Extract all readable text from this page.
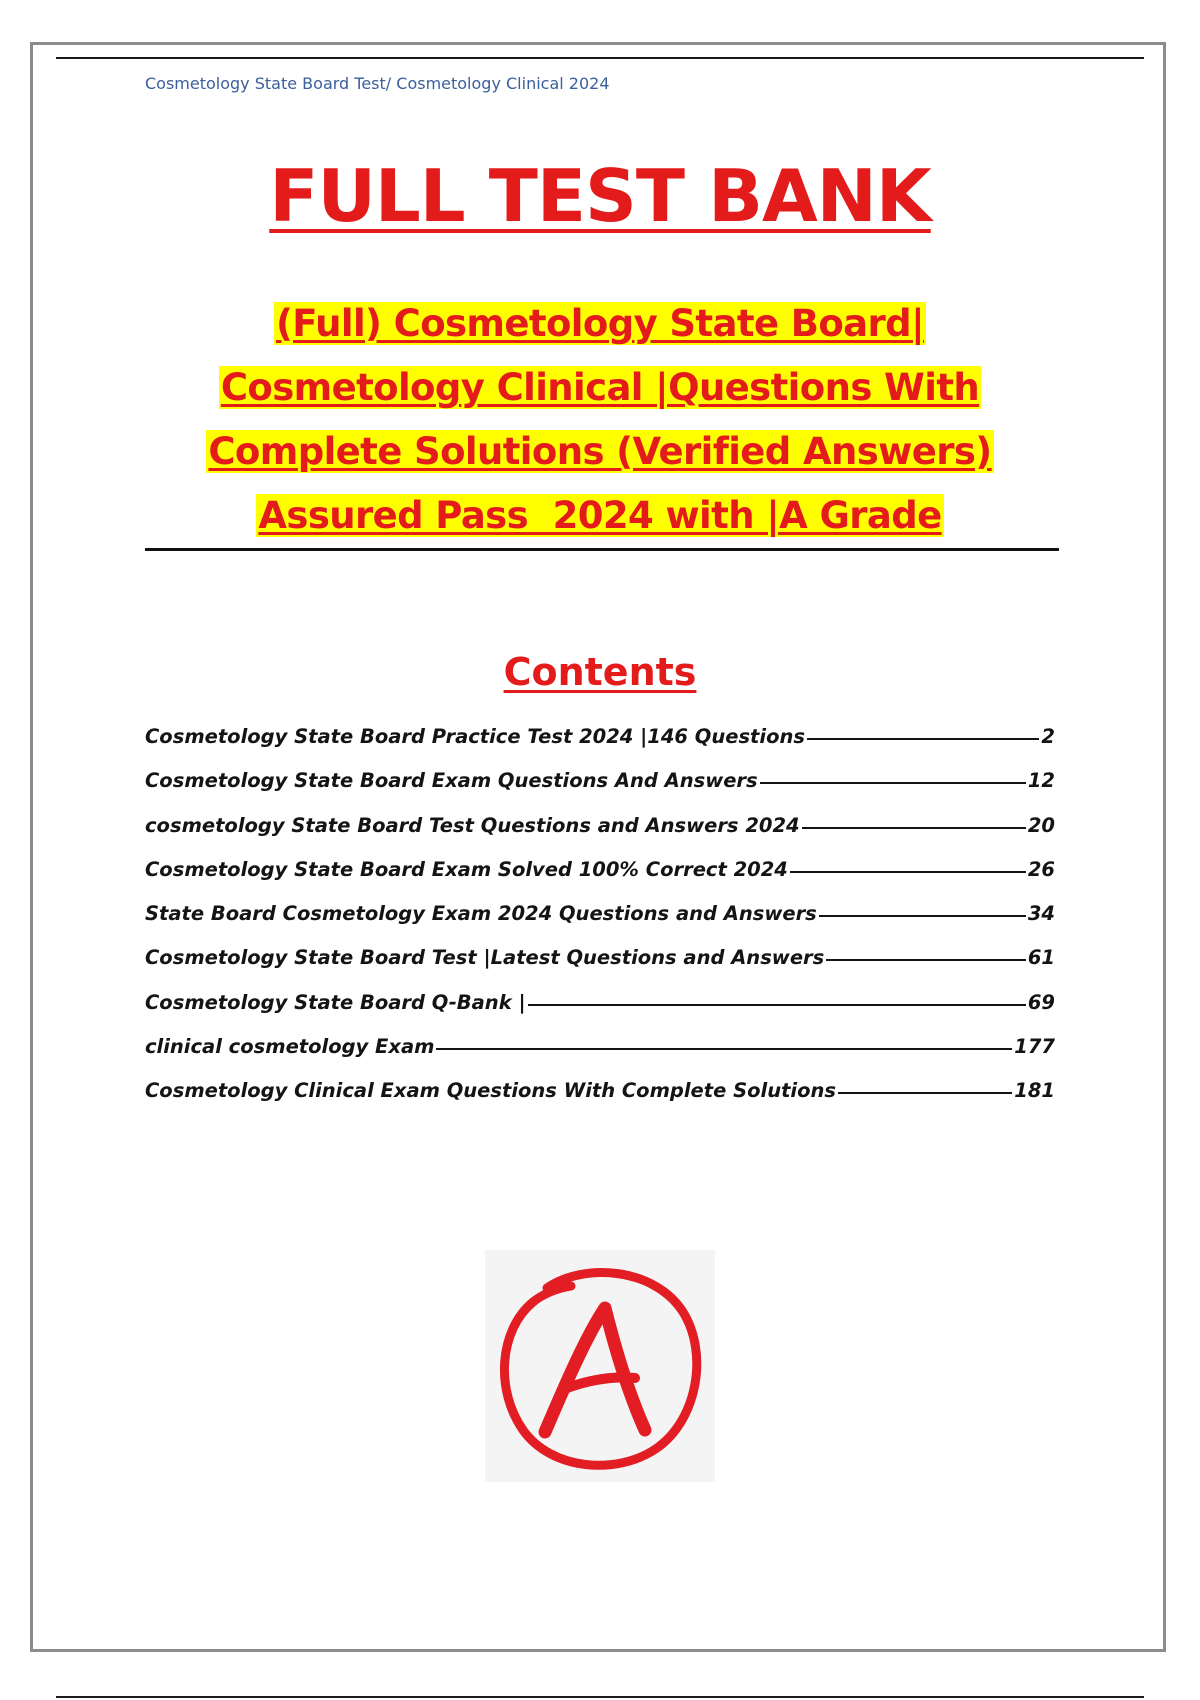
Cosmetology State Board Test/ Cosmetology Clinical 2024
FULL TEST BANK
(Full) Cosmetology State Board|
Cosmetology Clinical |Questions With
Complete Solutions (Verified Answers)
Assured Pass  2024 with |A Grade
Contents
Cosmetology State Board Practice Test 2024 |146 Questions	2
Cosmetology State Board Exam Questions And Answers	12
cosmetology State Board Test Questions and Answers 2024	20
Cosmetology State Board Exam Solved 100% Correct 2024	26
State Board Cosmetology Exam 2024 Questions and Answers	34
Cosmetology State Board Test |Latest Questions and Answers	61
Cosmetology State Board Q-Bank |	69
clinical cosmetology Exam	177
Cosmetology Clinical Exam Questions With Complete Solutions	181
